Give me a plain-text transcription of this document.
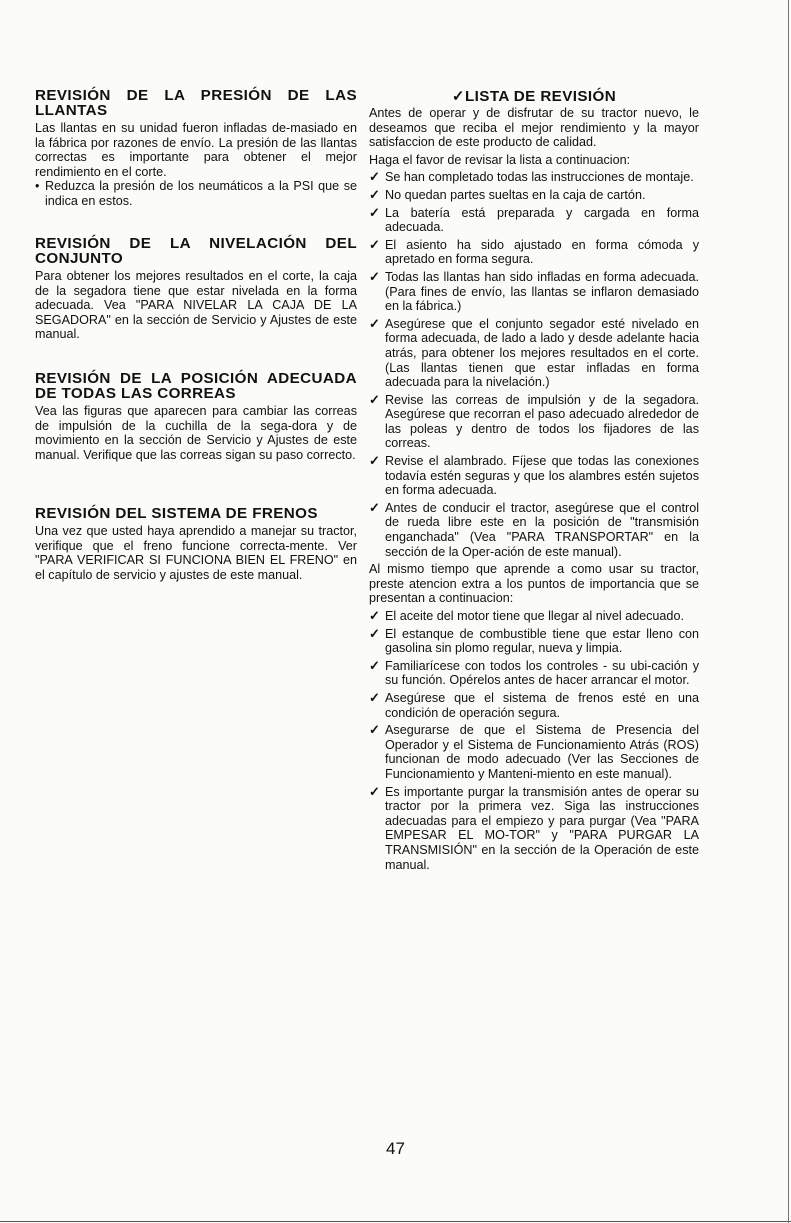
REVISIÓN DE LA PRESIÓN DE LAS LLANTAS

Las llantas en su unidad fueron infladas de-masiado en la fábrica por razones de envío. La presión de las llantas correctas es importante para obtener el mejor rendimiento en el corte.

• Reduzca la presión de los neumáticos a la PSI que se indica en estos.
REVISIÓN DE LA NIVELACIÓN DEL CONJUNTO

Para obtener los mejores resultados en el corte, la caja de la segadora tiene que estar nivelada en la forma adecuada. Vea "PARA NIVELAR LA CAJA DE LA SEGADORA" en la sección de Servicio y Ajustes de este manual.

REVISIÓN DE LA POSICIÓN ADECUADA DE TODAS LAS CORREAS

Vea las figuras que aparecen para cambiar las correas de impulsión de la cuchilla de la sega-dora y de movimiento en la sección de Servicio y Ajustes de este manual. Verifique que las correas sigan su paso correcto.

REVISIÓN DEL SISTEMA DE FRENOS

Una vez que usted haya aprendido a manejar su tractor, verifique que el freno funcione correcta-mente. Ver "PARA VERIFICAR SI FUNCIONA BIEN EL FRENO" en el capítulo de servicio y ajustes de este manual.

✓LISTA DE REVISIÓN

Antes de operar y de disfrutar de su tractor nuevo, le deseamos que reciba el mejor rendimiento y la mayor satisfaccion de este producto de calidad.

Haga el favor de revisar la lista a continuacion:

✓ Se han completado todas las instrucciones de montaje.
✓ No quedan partes sueltas en la caja de cartón.
✓ La batería está preparada y cargada en forma adecuada.
✓ El asiento ha sido ajustado en forma cómoda y apretado en forma segura.
✓ Todas las llantas han sido infladas en forma adecuada. (Para fines de envío, las llantas se inflaron demasiado en la fábrica.)
✓ Asegúrese que el conjunto segador esté nivelado en forma adecuada, de lado a lado y desde adelante hacia atrás, para obtener los mejores resultados en el corte. (Las llantas tienen que estar infladas en forma adecuada para la nivelación.)
✓ Revise las correas de impulsión y de la segadora. Asegúrese que recorran el paso adecuado alrededor de las poleas y dentro de todos los fijadores de las correas.
✓ Revise el alambrado. Fíjese que todas las conexiones todavía estén seguras y que los alambres estén sujetos en forma adecuada.
✓ Antes de conducir el tractor, asegúrese que el control de rueda libre este en la posición de "transmisión enganchada" (Vea "PARA TRANSPORTAR" en la sección de la Oper-ación de este manual).

Al mismo tiempo que aprende a como usar su tractor, preste atencion extra a los puntos de importancia que se presentan a continuacion:

✓ El aceite del motor tiene que llegar al nivel adecuado.
✓ El estanque de combustible tiene que estar lleno con gasolina sin plomo regular, nueva y limpia.
✓ Familiarícese con todos los controles - su ubi-cación y su función. Opérelos antes de hacer arrancar el motor.
✓ Asegúrese que el sistema de frenos esté en una condición de operación segura.
✓ Asegurarse de que el Sistema de Presencia del Operador y el Sistema de Funcionamiento Atrás (ROS) funcionan de modo adecuado (Ver las Secciones de Funcionamiento y Manteni-miento en este manual).
✓ Es importante purgar la transmisión antes de operar su tractor por la primera vez. Siga las instrucciones adecuadas para el empiezo y para purgar (Vea "PARA EMPESAR EL MO-TOR" y "PARA PURGAR LA TRANSMISIÓN" en la sección de la Operación de este manual.
47
